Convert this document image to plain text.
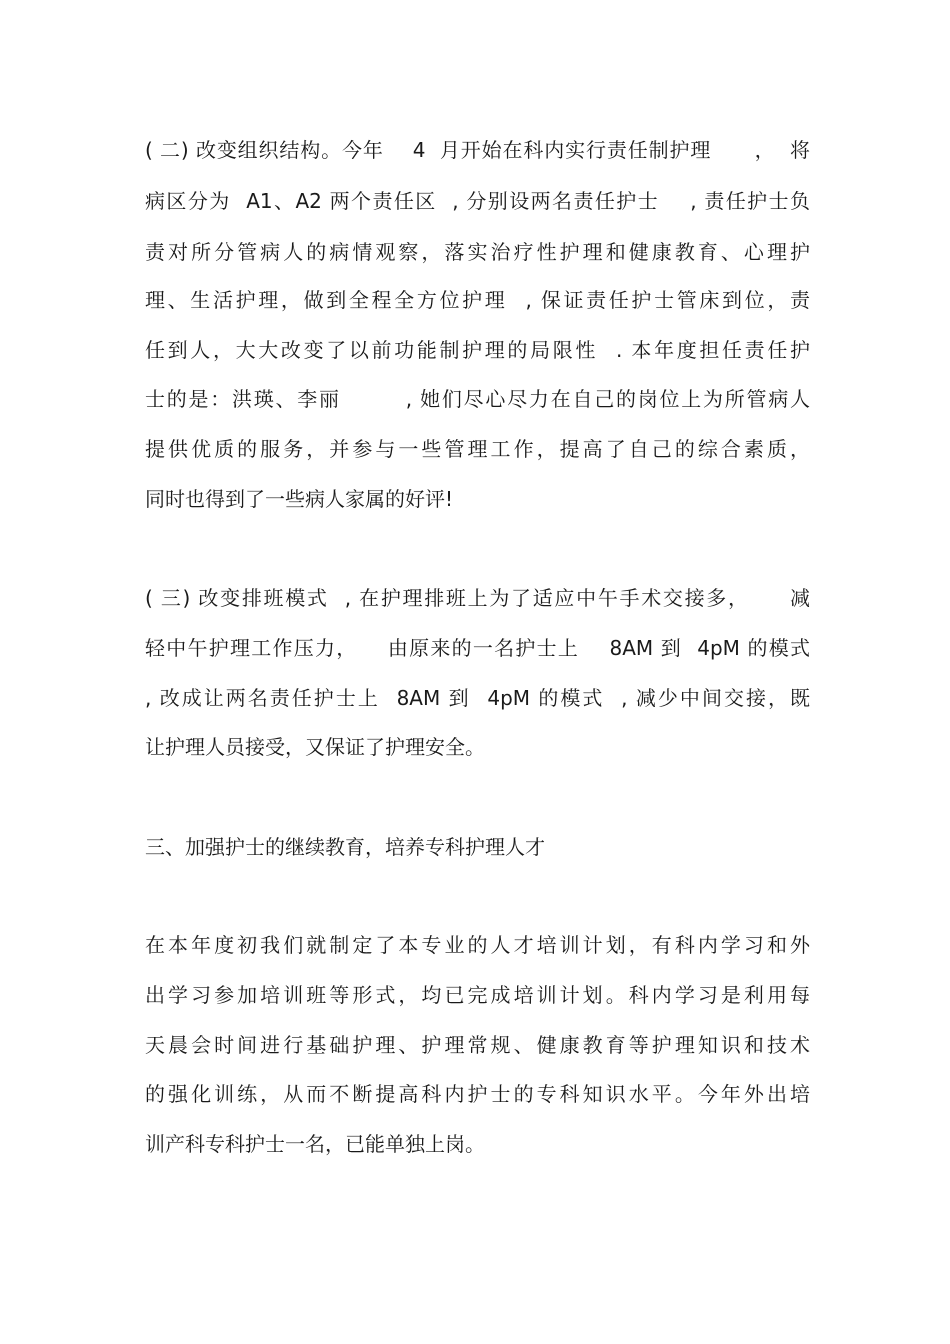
( 二) 改变组织结构。今年    4  月开始在科内实行责任制护理      ，  将
病区分为  A1、A2 两个责任区  , 分别设两名责任护士    , 责任护士负
责对所分管病人的病情观察，落实治疗性护理和健康教育、心理护
理、生活护理，做到全程全方位护理  , 保证责任护士管床到位，责
任到人，大大改变了以前功能制护理的局限性  . 本年度担任责任护
士的是：洪瑛、李丽        , 她们尽心尽力在自己的岗位上为所管病人
提供优质的服务，并参与一些管理工作，提高了自己的综合素质，
同时也得到了一些病人家属的好评!
( 三) 改变排班模式  , 在护理排班上为了适应中午手术交接多，     减
轻中午护理工作压力，    由原来的一名护士上    8AM 到  4pM 的模式
, 改成让两名责任护士上  8AM 到  4pM 的模式  , 减少中间交接，既
让护理人员接受，又保证了护理安全。
三、加强护士的继续教育，培养专科护理人才
在本年度初我们就制定了本专业的人才培训计划，有科内学习和外
出学习参加培训班等形式，均已完成培训计划。科内学习是利用每
天晨会时间进行基础护理、护理常规、健康教育等护理知识和技术
的强化训练，从而不断提高科内护士的专科知识水平。今年外出培
训产科专科护士一名，已能单独上岗。
